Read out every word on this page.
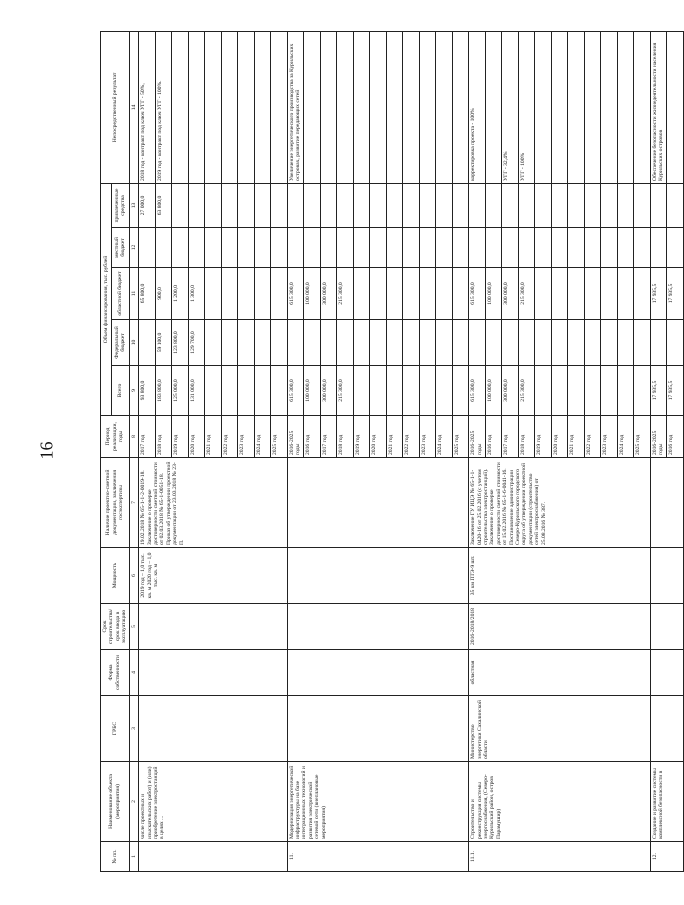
16
№ пп.	Наименование объекта (мероприятия)	ГРБС	Форма собственности	Срок строительства/ срок ввода в эксплуатацию	Мощность	Наличие проектно-сметной документации, заключения госэкспертизы	Период реализации, годы	Объем финансирования, тыс. рублей					Непосредственный результат
								Всего	Федеральный бюджет	областной бюджет	местный бюджет	привлеченные средства	
1	2	3	4	5	6	7	8	9	10	11	12	13	14
	числе проектных и изыскательских работ) и (или) приобретение электростанций в целях ...				2019 год – 1,0 тыс. кв. м 2020 год – 1,0 тыс. кв. м	19.02.2018 № 65-1-1-2-0019-18. Заключение о проверке достоверности сметной стоимости от 02.03.2018 № 65-1-0051-18. Приказ об утверждении проектной документации от 23.03.2018 № 23-П.	2017 год	93 800,0		65 800,0		27 000,0	2018 год - контракт под ключ УГГ - 50%,
							2018 год	183 800,0	59 100,0	900,0		63 800,0	2019 год - контракт под ключ УГГ - 100%.
							2019 год	125 000,0	123 800,0	1 200,0			
							2020 год	131 000,0	129 700,0	1 300,0			
							2021 год						
							2022 год						
							2023 год						
							2024 год						
							2025 год						
11.	Модернизация энергетической инфраструктуры на базе интеграционных технологий и развития электрической сетевой сети (внеплановые мероприятия)						2016-2025 годы	615 300,0		615 300,0			Увеличение энергетического производства за Курильских островах, развитие передающих сетей
							2016 год	100 000,0		100 000,0			
							2017 год	300 000,0		300 000,0			
							2018 год	215 300,0		215 300,0			
							2019 год						
							2020 год						
							2021 год						
							2022 год						
							2023 год						
							2024 год						
							2025 год						
11.1.	Строительство и реконструкция системы энергоснабжения, (Северо-Курильский район, остров Парамушир)	Министерство энергетики Сахалинской области	областная	2016-2018/2018	35 км ПТЭ-9 шт.	Заключение ГУ ИЦЭ № 65-1-1-0420-16 от 25.02.2016 (с учетом строительства электростанций). Заключение о проверке достоверности сметной стоимости от 15.02.2016 № 65-1-6-0041-16. Постановление администрации Северо-Курильского городского округа об утверждении проектной документации (строительство сетей электроснабжения) от 25.08.2016 № 387.	2016-2025 годы	615 300,0		615 300,0			корректировка проекта - 100%
							2016 год	100 000,0		100 000,0			
							2017 год	300 000,0		300 000,0			УГГ - 32,4%
							2018 год	215 300,0		215 300,0			УГГ - 100%
							2019 год						
							2020 год						
							2021 год						
							2022 год						
							2023 год						
							2024 год						
							2025 год						
12.	Создание и развитие системы комплексной безопасности в						2016-2025 годы	17 935,5		17 935,5			Обеспечение безопасности жизнедеятельности населения Курильских островов
							2016 год	17 935,5		17 935,5			
